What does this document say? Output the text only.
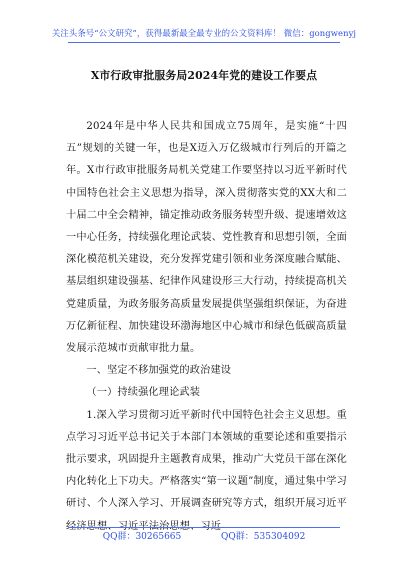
关注头条号“公文研究”，获得最新最全最专业的公文资料库！ 微信：gongwenyj
X市行政审批服务局2024年党的建设工作要点

2024年是中华人民共和国成立75周年，是实施“十四五”规划的关键一年，也是X迈入万亿级城市行列后的开篇之年。X市行政审批服务局机关党建工作要坚持以习近平新时代中国特色社会主义思想为指导，深入贯彻落实党的XX大和二十届二中全会精神，锚定推动政务服务转型升级、提速增效这一中心任务，持续强化理论武装、党性教育和思想引领，全面深化模范机关建设，充分发挥党建引领和业务深度融合赋能、基层组织建设强基、纪律作风建设形三大行动，持续提高机关党建质量，为政务服务高质量发展提供坚强组织保证，为奋进万亿新征程、加快建设环渤海地区中心城市和绿色低碳高质量发展示范城市贡献审批力量。

一、坚定不移加强党的政治建设

（一）持续强化理论武装

1.深入学习贯彻习近平新时代中国特色社会主义思想。重点学习习近平总书记关于本部门本领域的重要论述和重要指示批示要求，巩固提升主题教育成果，推动广大党员干部在深化内化转化上下功夫。严格落实“第一议题”制度，通过集中学习研讨、个人深入学习、开展调查研究等方式，组织开展习近平经济思想、习近平法治思想、习近

QQ群：30265665	QQ群：535304092
